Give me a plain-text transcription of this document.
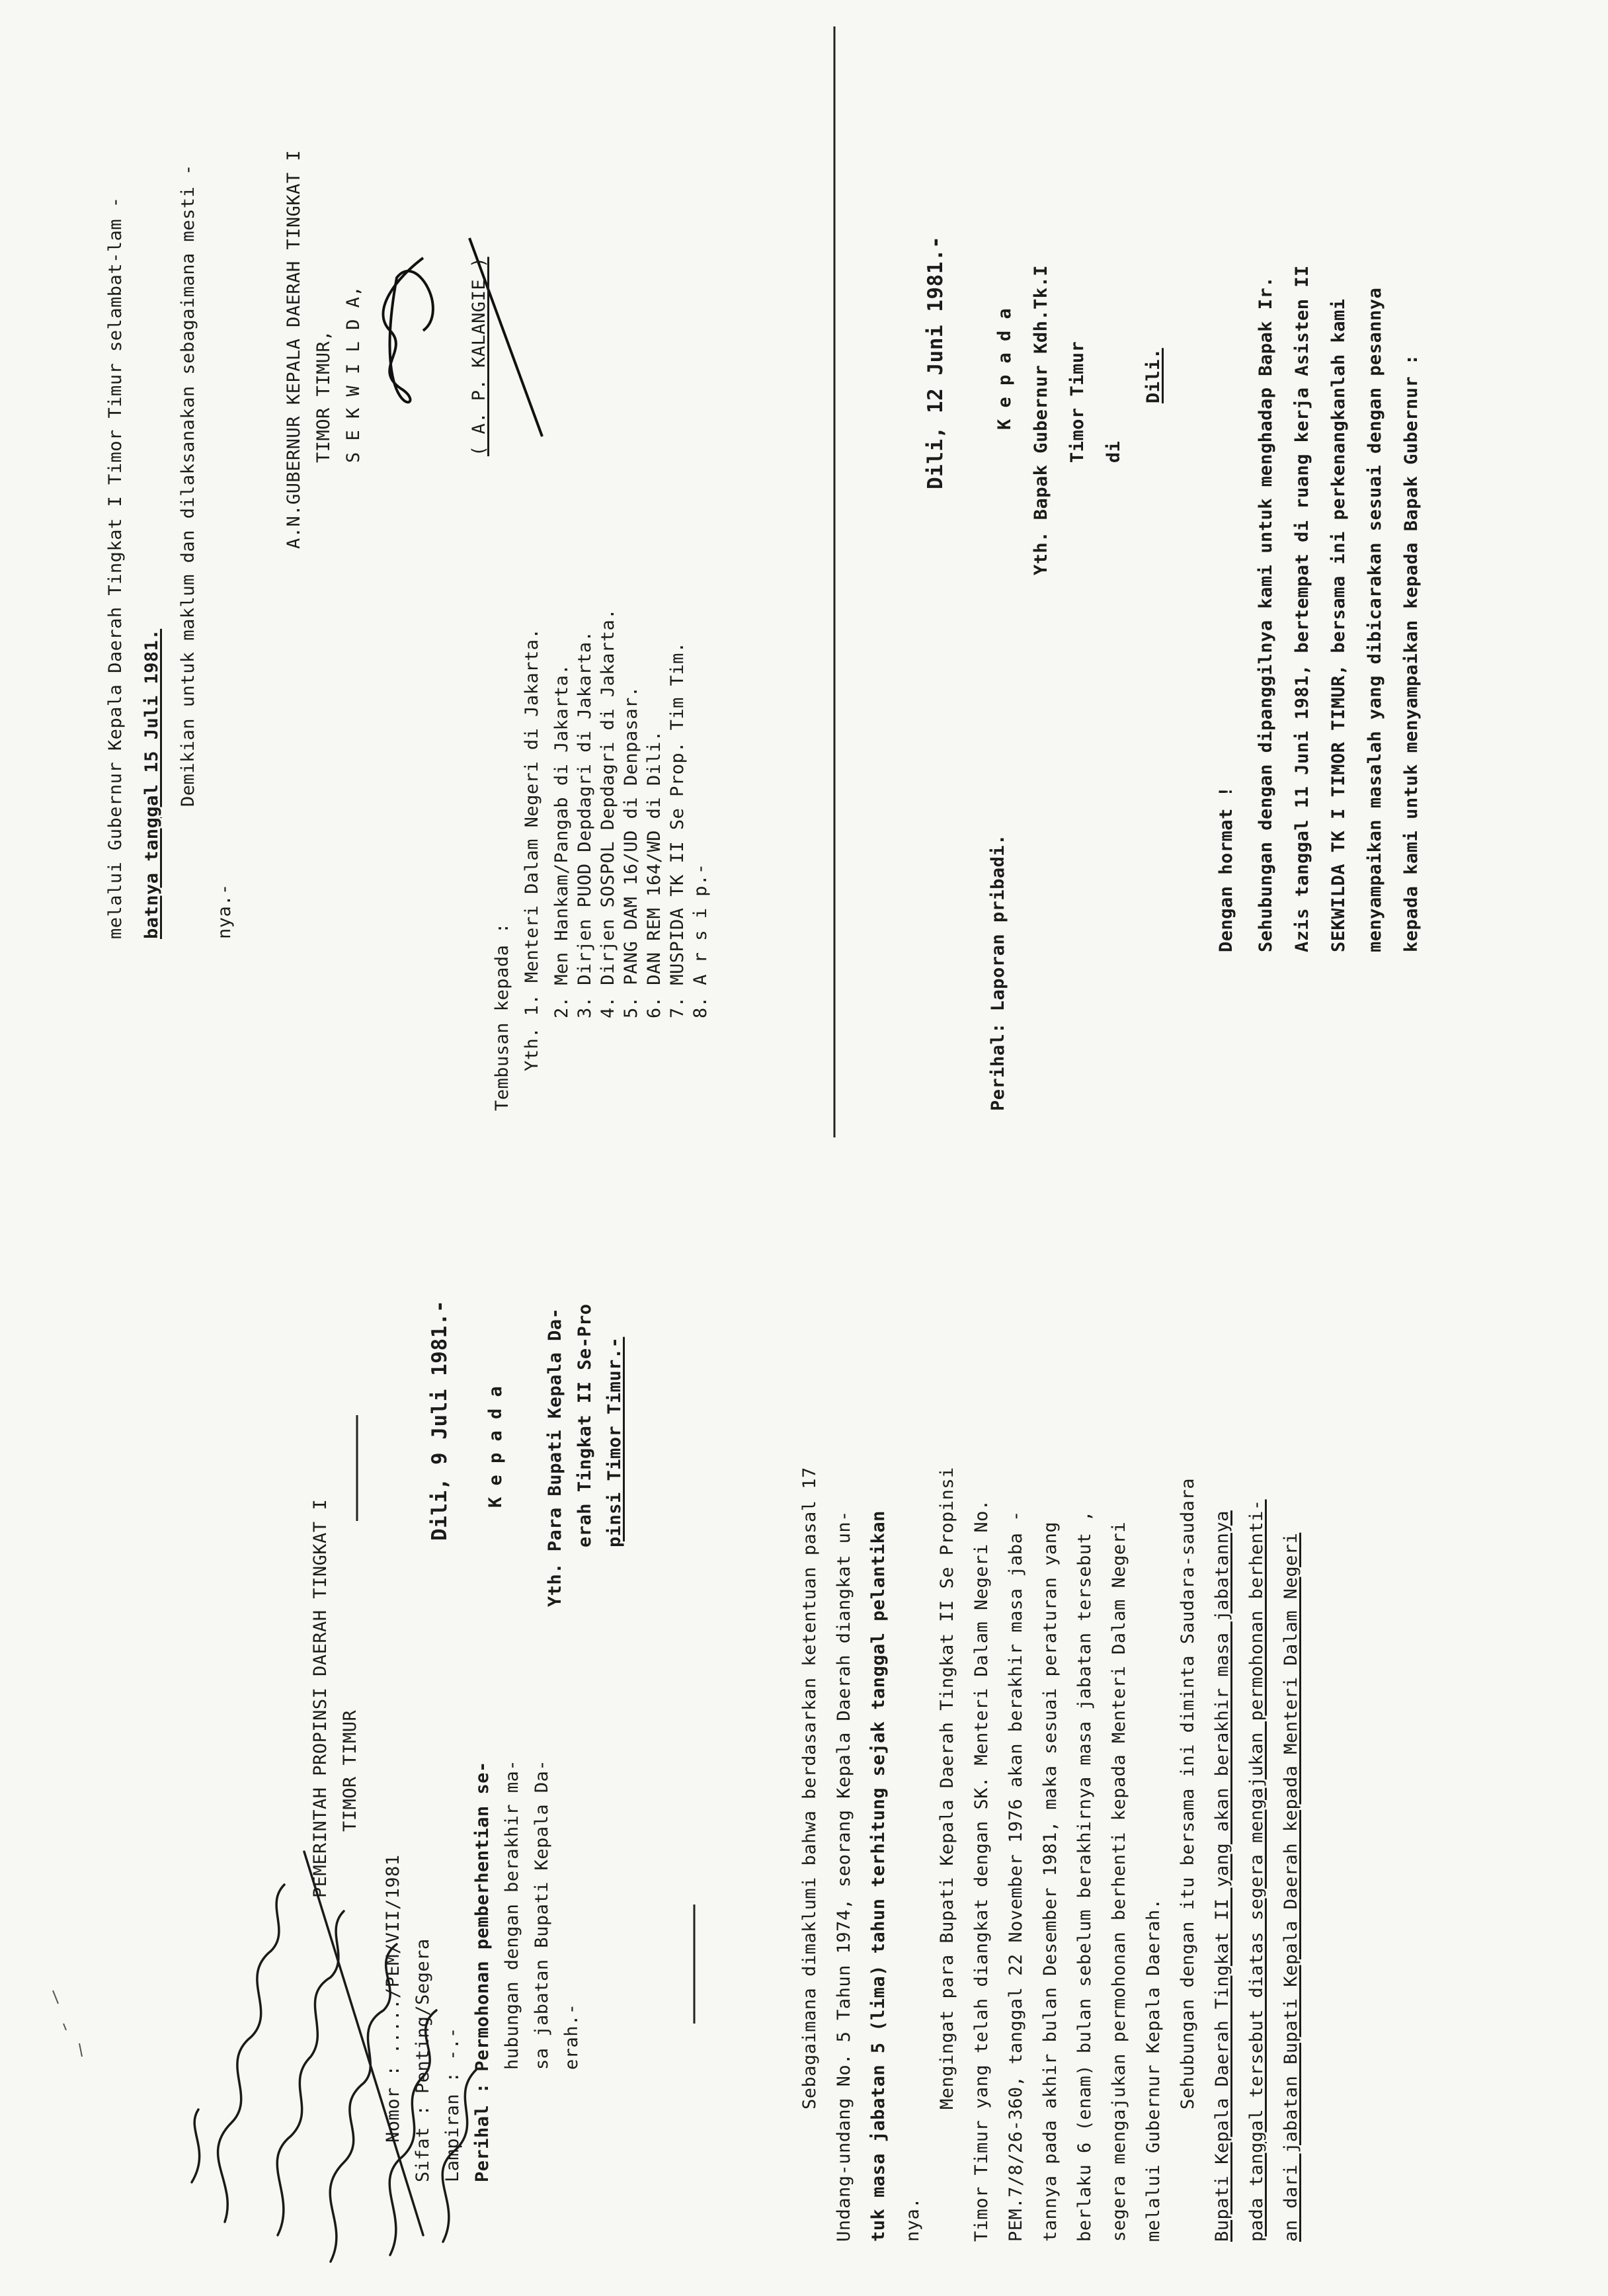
PEMERINTAH PROPINSI DAERAH TINGKAT I TIMOR TIMUR
Nomor : ...../PEM/VII/1981 Sifat : Penting/Segera Lampiran : -.- Perihal : Permohonan pemberhentian se- hubungan dengan berakhir ma- sa jabatan Bupati Kepala Da- erah.-
Dili, 9 Juli 1981.- K e p a d a Yth. Para Bupati Kepala Da- erah Tingkat II Se-Pro pinsi Timor Timur.-
Sebagaimana dimaklumi bahwa berdasarkan ketentuan pasal 17 Undang-undang No. 5 Tahun 1974, seorang Kepala Daerah diangkat un- tuk masa jabatan 5 (lima) tahun terhitung sejak tanggal pelantikan nya.
Mengingat para Bupati Kepala Daerah Tingkat II Se Propinsi Timor Timur yang telah diangkat dengan SK. Menteri Dalam Negeri No. PEM.7/8/26-360, tanggal 22 November 1976 akan berakhir masa jaba - tannya pada akhir bulan Desember 1981, maka sesuai peraturan yang berlaku 6 (enam) bulan sebelum berakhirnya masa jabatan tersebut , segera mengajukan permohonan berhenti kepada Menteri Dalam Negeri melalui Gubernur Kepala Daerah. Sehubungan dengan itu bersama ini diminta Saudara-saudara Bupati Kepala Daerah Tingkat II yang akan berakhir masa jabatannya pada tanggal tersebut diatas segera mengajukan permohonan berhenti- an dari jabatan Bupati Kepala Daerah kepada Menteri Dalam Negeri
melalui Gubernur Kepala Daerah Tingkat I Timor Timur selambat-lam - batnya tanggal 15 Juli 1981. Demikian untuk maklum dan dilaksanakan sebagaimana mesti -
nya.-
A.N.GUBERNUR KEPALA DAERAH TINGKAT I TIMOR TIMUR, S E K W I L D A,	( A. P. KALANGIE )
Tembusan kepada : Yth. 1. Menteri Dalam Negeri di Jakarta. 2. Men Hankam/Pangab di Jakarta. 3. Dirjen PUOD Depdagri di Jakarta. 4. Dirjen SOSPOL Depdagri di Jakarta. 5. PANG DAM 16/UD di Denpasar. 6. DAN REM 164/WD di Dili. 7. MUSPIDA TK II Se Prop. Tim Tim. 8. A r s i p.-
Dili, 12 Juni 1981.-	K e p a d a Yth. Bapak Gubernur Kdh.Tk.I Timor Timur di
Dili.
Perihal: Laporan pribadi.	Dengan hormat ! Sehubungan dengan dipanggilnya kami untuk menghadap Bapak Ir. Azis tanggal 11 Juni 1981, bertempat di ruang kerja Asisten II SEKWILDA TK I TIMOR TIMUR, bersama ini perkenangkanlah kami menyampaikan masalah yang dibicarakan sesuai dengan pesannya kepada kami untuk menyampaikan kepada Bapak Gubernur :
